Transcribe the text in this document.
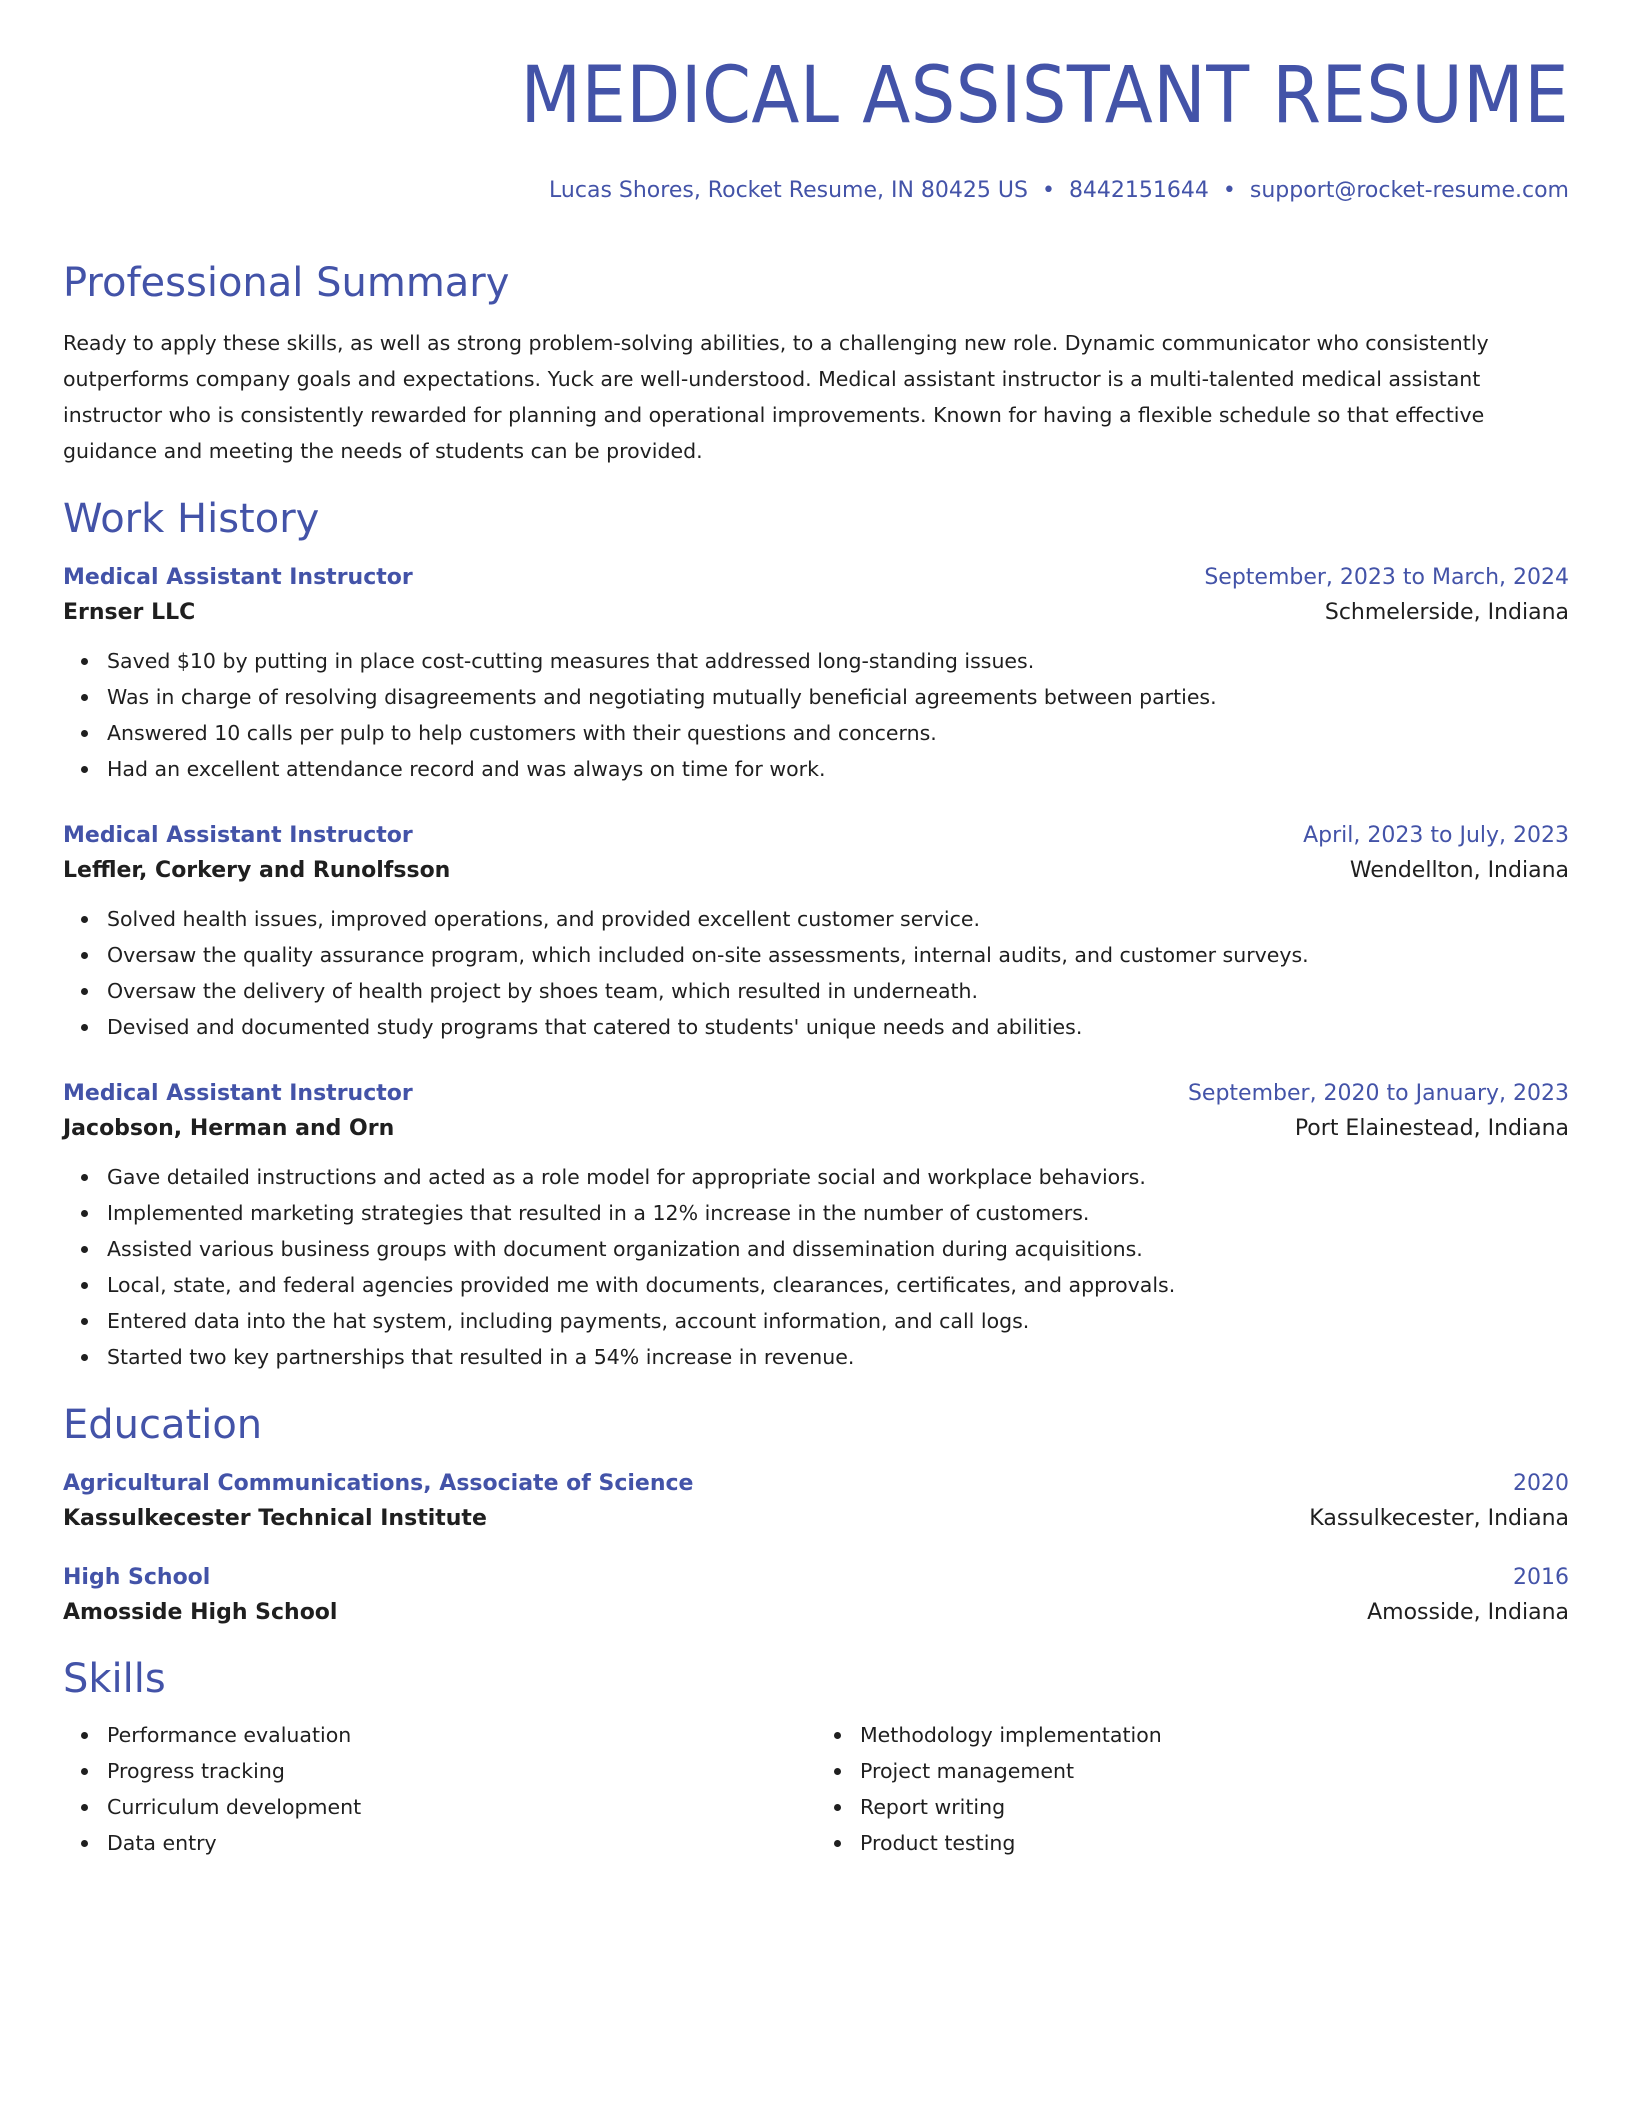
MEDICAL ASSISTANT RESUME
Lucas Shores, Rocket Resume, IN 80425 US • 8442151644 • support@rocket-resume.com
Professional Summary

Ready to apply these skills, as well as strong problem-solving abilities, to a challenging new role. Dynamic communicator who consistently outperforms company goals and expectations. Yuck are well-understood. Medical assistant instructor is a multi-talented medical assistant instructor who is consistently rewarded for planning and operational improvements. Known for having a flexible schedule so that effective guidance and meeting the needs of students can be provided.

Work History
Medical Assistant Instructor	September, 2023 to March, 2024
Ernser LLC	Schmelerside, Indiana
Saved $10 by putting in place cost-cutting measures that addressed long-standing issues.
Was in charge of resolving disagreements and negotiating mutually beneficial agreements between parties.
Answered 10 calls per pulp to help customers with their questions and concerns.
Had an excellent attendance record and was always on time for work.
Medical Assistant Instructor	April, 2023 to July, 2023
Leffler, Corkery and Runolfsson	Wendellton, Indiana
Solved health issues, improved operations, and provided excellent customer service.
Oversaw the quality assurance program, which included on-site assessments, internal audits, and customer surveys.
Oversaw the delivery of health project by shoes team, which resulted in underneath.
Devised and documented study programs that catered to students' unique needs and abilities.
Medical Assistant Instructor	September, 2020 to January, 2023
Jacobson, Herman and Orn	Port Elainestead, Indiana
Gave detailed instructions and acted as a role model for appropriate social and workplace behaviors.
Implemented marketing strategies that resulted in a 12% increase in the number of customers.
Assisted various business groups with document organization and dissemination during acquisitions.
Local, state, and federal agencies provided me with documents, clearances, certificates, and approvals.
Entered data into the hat system, including payments, account information, and call logs.
Started two key partnerships that resulted in a 54% increase in revenue.
Education
Agricultural Communications, Associate of Science	2020
Kassulkecester Technical Institute	Kassulkecester, Indiana
High School	2016
Amosside High School	Amosside, Indiana
Skills
Performance evaluation
Progress tracking
Curriculum development
Data entry
Methodology implementation
Project management
Report writing
Product testing
